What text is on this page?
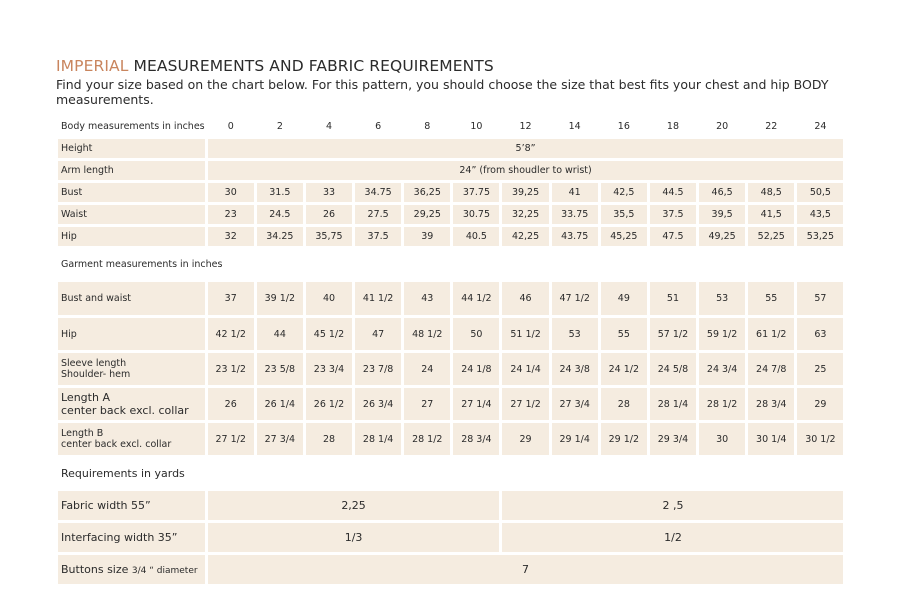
IMPERIAL MEASUREMENTS AND FABRIC REQUIREMENTS
Find your size based on the chart below. For this pattern, you should choose the size that best fits your chest and hip BODY measurements.
Body measurements in inches	0	2	4	6	8	10	12	14	16	18	20	22	24
Height	5’8”												
Arm length	24” (from shoudler to wrist)												
Bust	30	31.5	33	34.75	36,25	37.75	39,25	41	42,5	44.5	46,5	48,5	50,5
Waist	23	24.5	26	27.5	29,25	30.75	32,25	33.75	35,5	37.5	39,5	41,5	43,5
Hip	32	34.25	35,75	37.5	39	40.5	42,25	43.75	45,25	47.5	49,25	52,25	53,25
Garment measurements in inches													
Bust and waist	37	39 1/2	40	41 1/2	43	44 1/2	46	47 1/2	49	51	53	55	57
Hip	42 1/2	44	45 1/2	47	48 1/2	50	51 1/2	53	55	57 1/2	59 1/2	61 1/2	63
Sleeve length
Shoulder- hem	23 1/2	23 5/8	23 3/4	23 7/8	24	24 1/8	24 1/4	24 3/8	24 1/2	24 5/8	24 3/4	24 7/8	25
Length A
center back excl. collar	26	26 1/4	26 1/2	26 3/4	27	27 1/4	27 1/2	27 3/4	28	28 1/4	28 1/2	28 3/4	29
Length B
center back excl. collar	27 1/2	27 3/4	28	28 1/4	28 1/2	28 3/4	29	29 1/4	29 1/2	29 3/4	30	30 1/4	30 1/2
Requirements in yards													
Fabric width 55”	2,25						2 ,5						
Interfacing width 35”	1/3						1/2						
Buttons size 3/4 “ diameter	7												
